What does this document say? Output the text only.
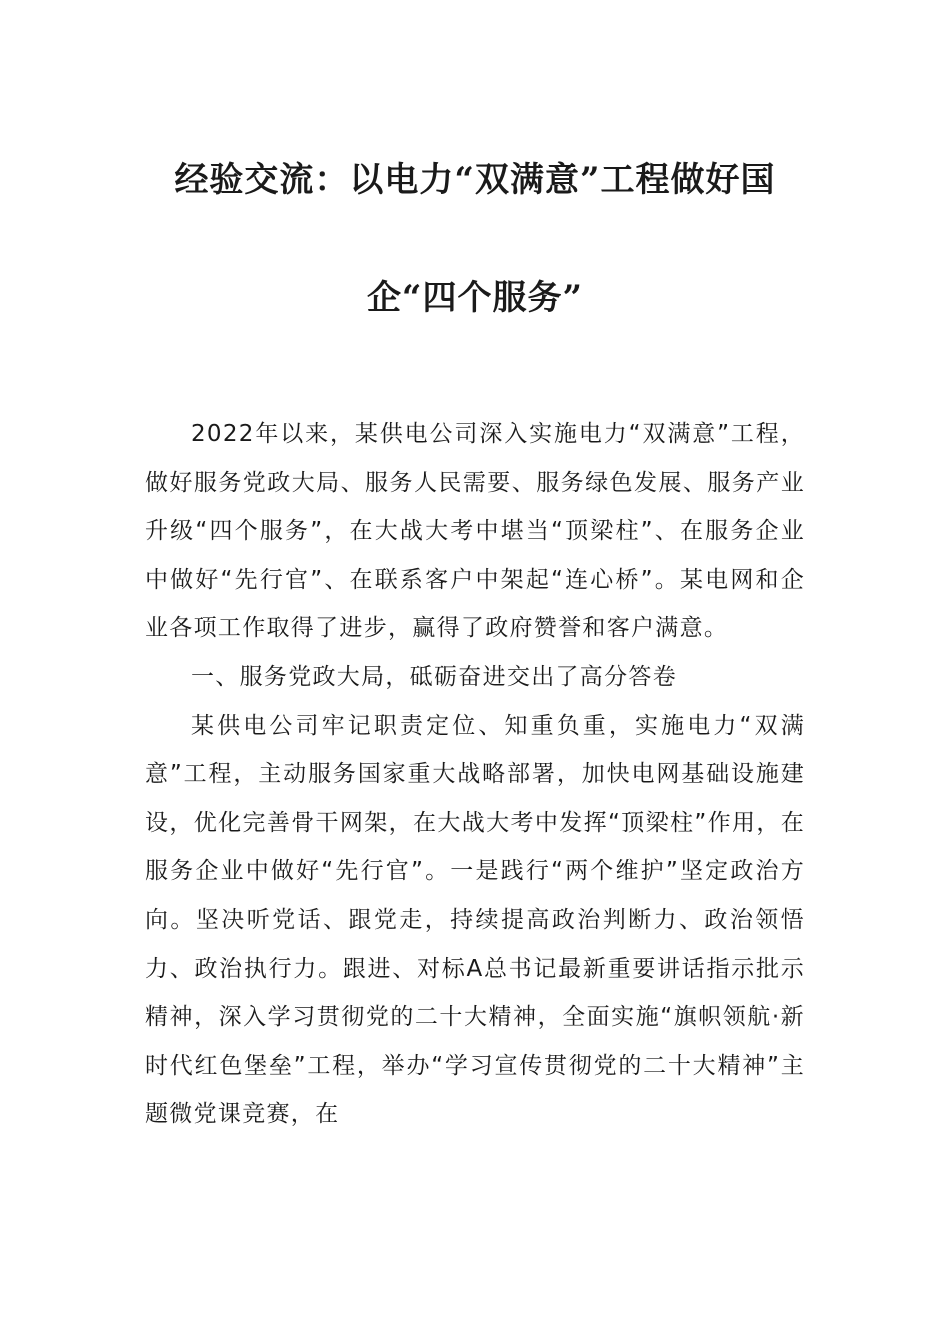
经验交流：以电力“双满意”工程做好国
企“四个服务”

2022年以来，某供电公司深入实施电力“双满意”工程，做好服务党政大局、服务人民需要、服务绿色发展、服务产业升级“四个服务”，在大战大考中堪当“顶梁柱”、在服务企业中做好“先行官”、在联系客户中架起“连心桥”。某电网和企业各项工作取得了进步，赢得了政府赞誉和客户满意。

一、服务党政大局，砥砺奋进交出了高分答卷

某供电公司牢记职责定位、知重负重，实施电力“双满意”工程，主动服务国家重大战略部署，加快电网基础设施建设，优化完善骨干网架，在大战大考中发挥“顶梁柱”作用，在服务企业中做好“先行官”。一是践行“两个维护”坚定政治方向。坚决听党话、跟党走，持续提高政治判断力、政治领悟力、政治执行力。跟进、对标A总书记最新重要讲话指示批示精神，深入学习贯彻党的二十大精神，全面实施“旗帜领航·新时代红色堡垒”工程，举办“学习宣传贯彻党的二十大精神”主题微党课竞赛，在
